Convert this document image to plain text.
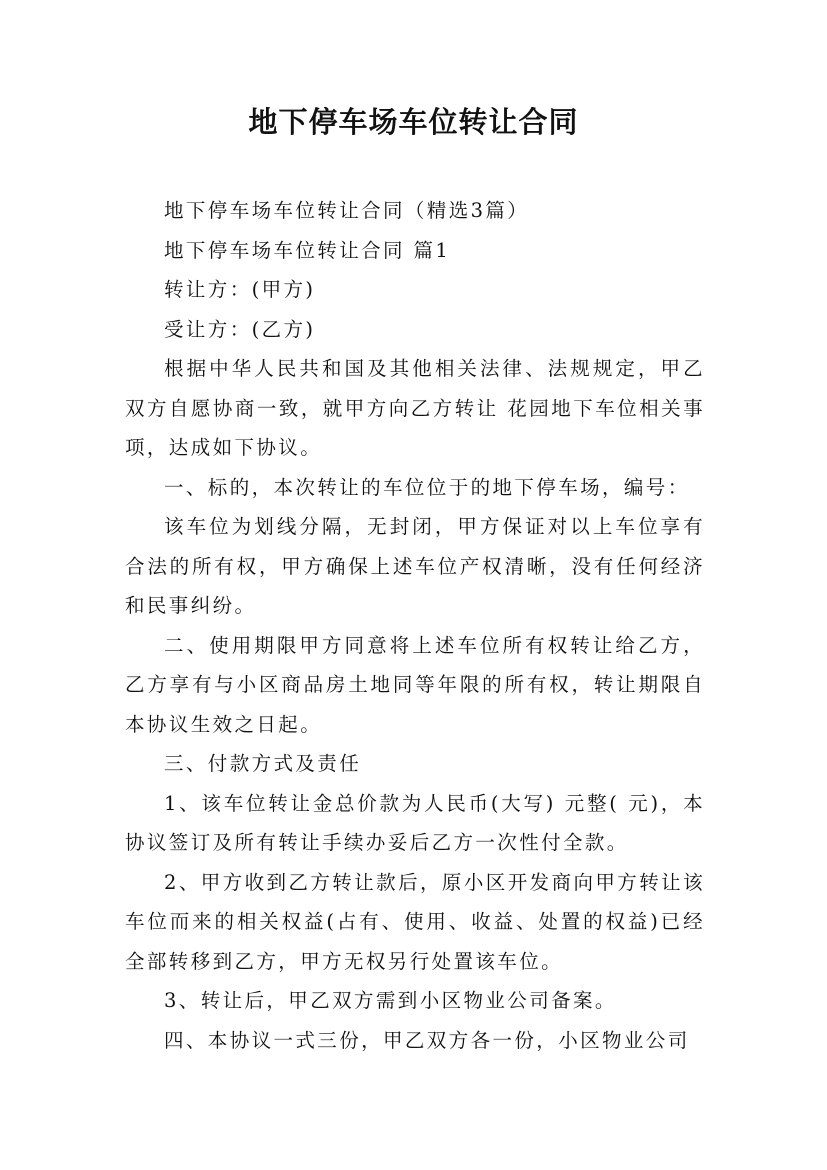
地下停车场车位转让合同

地下停车场车位转让合同（精选3篇）

地下停车场车位转让合同 篇1

转让方：(甲方)

受让方：(乙方)

根据中华人民共和国及其他相关法律、法规规定，甲乙双方自愿协商一致，就甲方向乙方转让 花园地下车位相关事项，达成如下协议。

一、标的，本次转让的车位位于的地下停车场，编号：

该车位为划线分隔，无封闭，甲方保证对以上车位享有合法的所有权，甲方确保上述车位产权清晰，没有任何经济和民事纠纷。

二、使用期限甲方同意将上述车位所有权转让给乙方，乙方享有与小区商品房土地同等年限的所有权，转让期限自本协议生效之日起。

三、付款方式及责任

1、该车位转让金总价款为人民币(大写) 元整( 元)，本协议签订及所有转让手续办妥后乙方一次性付全款。

2、甲方收到乙方转让款后，原小区开发商向甲方转让该车位而来的相关权益(占有、使用、收益、处置的权益)已经全部转移到乙方，甲方无权另行处置该车位。

3、转让后，甲乙双方需到小区物业公司备案。

四、本协议一式三份，甲乙双方各一份，小区物业公司
